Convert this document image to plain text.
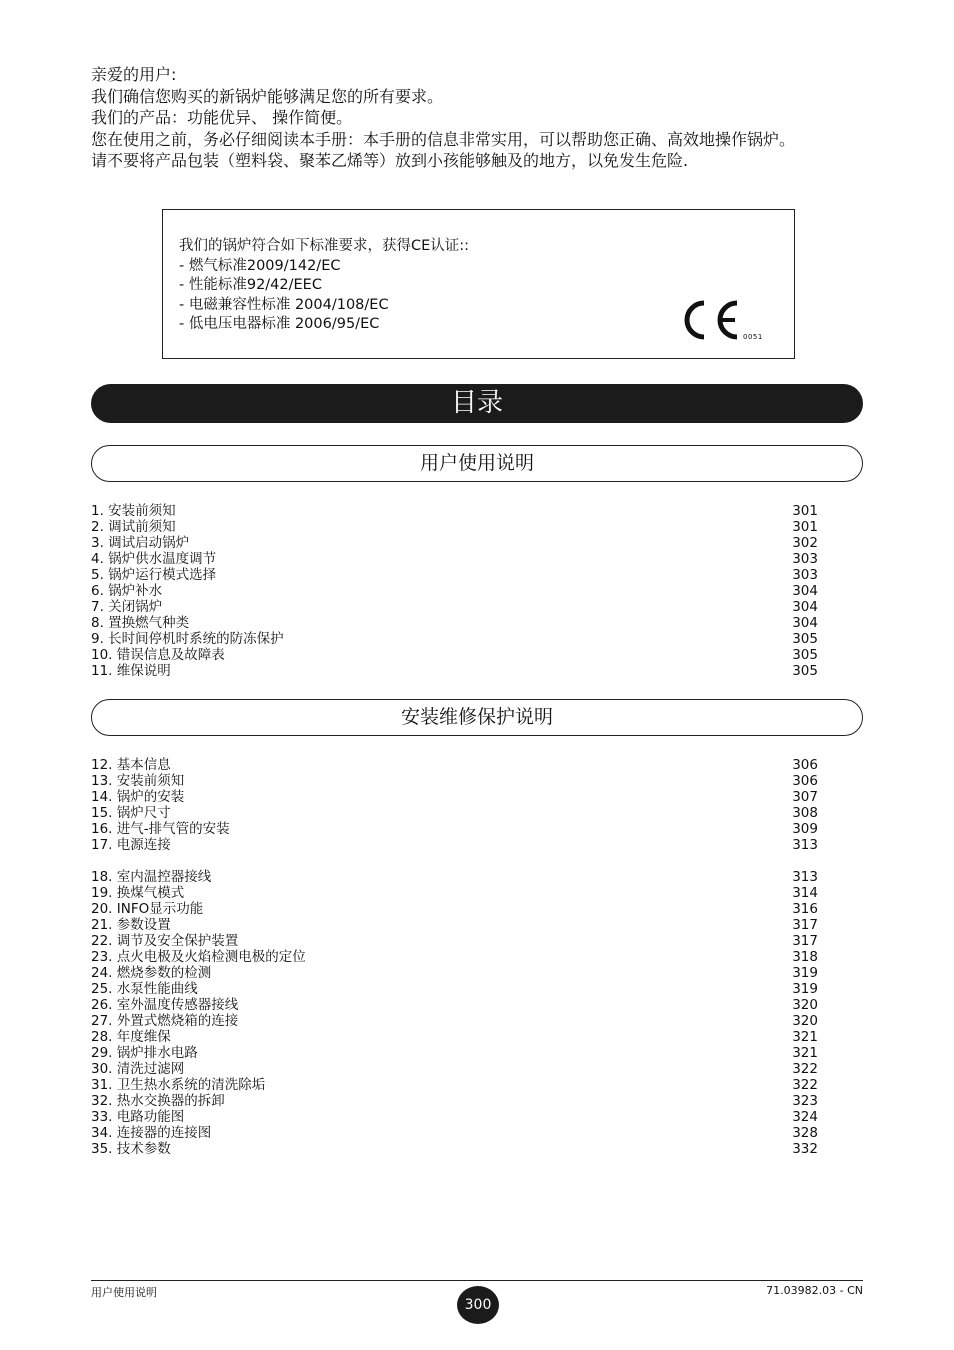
亲爱的用户:

我们确信您购买的新锅炉能够满足您的所有要求。

我们的产品：功能优异、 操作简便。

您在使用之前，务必仔细阅读本手册：本手册的信息非常实用，可以帮助您正确、高效地操作锅炉。

请不要将产品包装（塑料袋、聚苯乙烯等）放到小孩能够触及的地方，以免发生危险.

我们的锅炉符合如下标准要求，获得CE认证::

- 燃气标准2009/142/EC

- 性能标准92/42/EEC

- 电磁兼容性标准 2004/108/EC

- 低电压电器标准 2006/95/EC

0051
目录
用户使用说明
1. 安装前须知	301
2. 调试前须知	301
3. 调试启动锅炉	302
4. 锅炉供水温度调节	303
5. 锅炉运行模式选择	303
6. 锅炉补水	304
7. 关闭锅炉	304
8. 置换燃气种类	304
9. 长时间停机时系统的防冻保护	305
10. 错误信息及故障表	305
11. 维保说明	305
安装维修保护说明
12. 基本信息	306
13. 安装前须知	306
14. 锅炉的安装	307
15. 锅炉尺寸	308
16. 进气-排气管的安装	309
17. 电源连接	313
18. 室内温控器接线	313
19. 换煤气模式	314
20. INFO显示功能	316
21. 参数设置	317
22. 调节及安全保护装置	317
23. 点火电极及火焰检测电极的定位	318
24. 燃烧参数的检测	319
25. 水泵性能曲线	319
26. 室外温度传感器接线	320
27. 外置式燃烧箱的连接	320
28. 年度维保	321
29. 锅炉排水电路	321
30. 清洗过滤网	322
31. 卫生热水系统的清洗除垢	322
32. 热水交换器的拆卸	323
33. 电路功能图	324
34. 连接器的连接图	328
35. 技术参数	332
用户使用说明
300
71.03982.03 - CN
